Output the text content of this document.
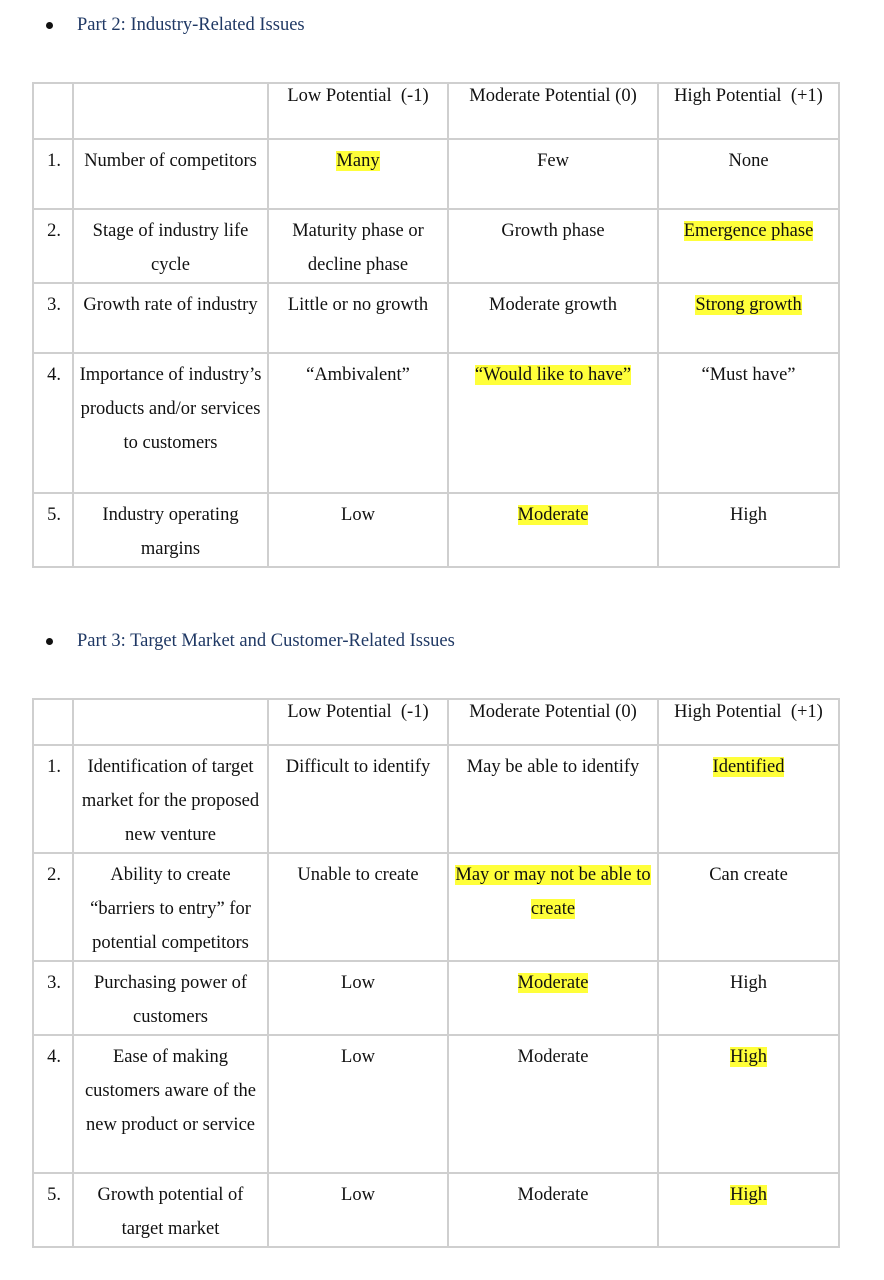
Part 2: Industry-Related Issues
		Low Potential  (-1)	Moderate Potential (0)	High Potential  (+1)
1.	Number of competitors	Many	Few	None
2.	Stage of industry life cycle	Maturity phase or decline phase	Growth phase	Emergence phase
3.	Growth rate of industry	Little or no growth	Moderate growth	Strong growth
4.	Importance of industry’s products and/or services to customers	“Ambivalent”	“Would like to have”	“Must have”
5.	Industry operating margins	Low	Moderate	High
Part 3: Target Market and Customer-Related Issues
		Low Potential  (-1)	Moderate Potential (0)	High Potential  (+1)
1.	Identification of target market for the proposed new venture	Difficult to identify	May be able to identify	Identified
2.	Ability to create “barriers to entry” for potential competitors	Unable to create	May or may not be able to create	Can create
3.	Purchasing power of customers	Low	Moderate	High
4.	Ease of making customers aware of the new product or service	Low	Moderate	High
5.	Growth potential of target market	Low	Moderate	High
